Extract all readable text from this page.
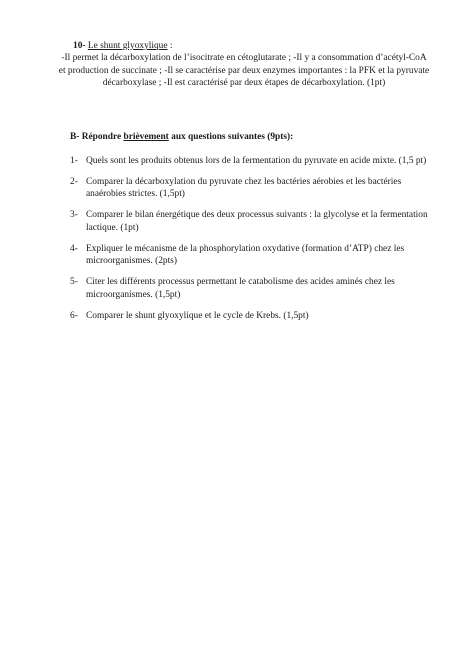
10- Le shunt glyoxylique :
-Il permet la décarboxylation de l’isocitrate en cétoglutarate ; -Il y a consommation d’acétyl-CoA et production de succinate ; -Il se caractérise par deux enzymes importantes : la PFK et la pyruvate décarboxylase ; -Il est caractérisé par deux étapes de décarboxylation. (1pt)
B- Répondre brièvement aux questions suivantes (9pts):
1- Quels sont les produits obtenus lors de la fermentation du pyruvate en acide mixte. (1,5 pt)
2- Comparer la décarboxylation du pyruvate chez les bactéries aérobies et les bactéries anaérobies strictes. (1,5pt)
3- Comparer le bilan énergétique des deux processus suivants : la glycolyse et la fermentation lactique. (1pt)
4- Expliquer le mécanisme de la phosphorylation oxydative (formation d’ATP) chez les microorganismes. (2pts)
5- Citer les différents processus permettant le catabolisme des acides aminés chez les microorganismes. (1,5pt)
6- Comparer le shunt glyoxylique et le cycle de Krebs. (1,5pt)
